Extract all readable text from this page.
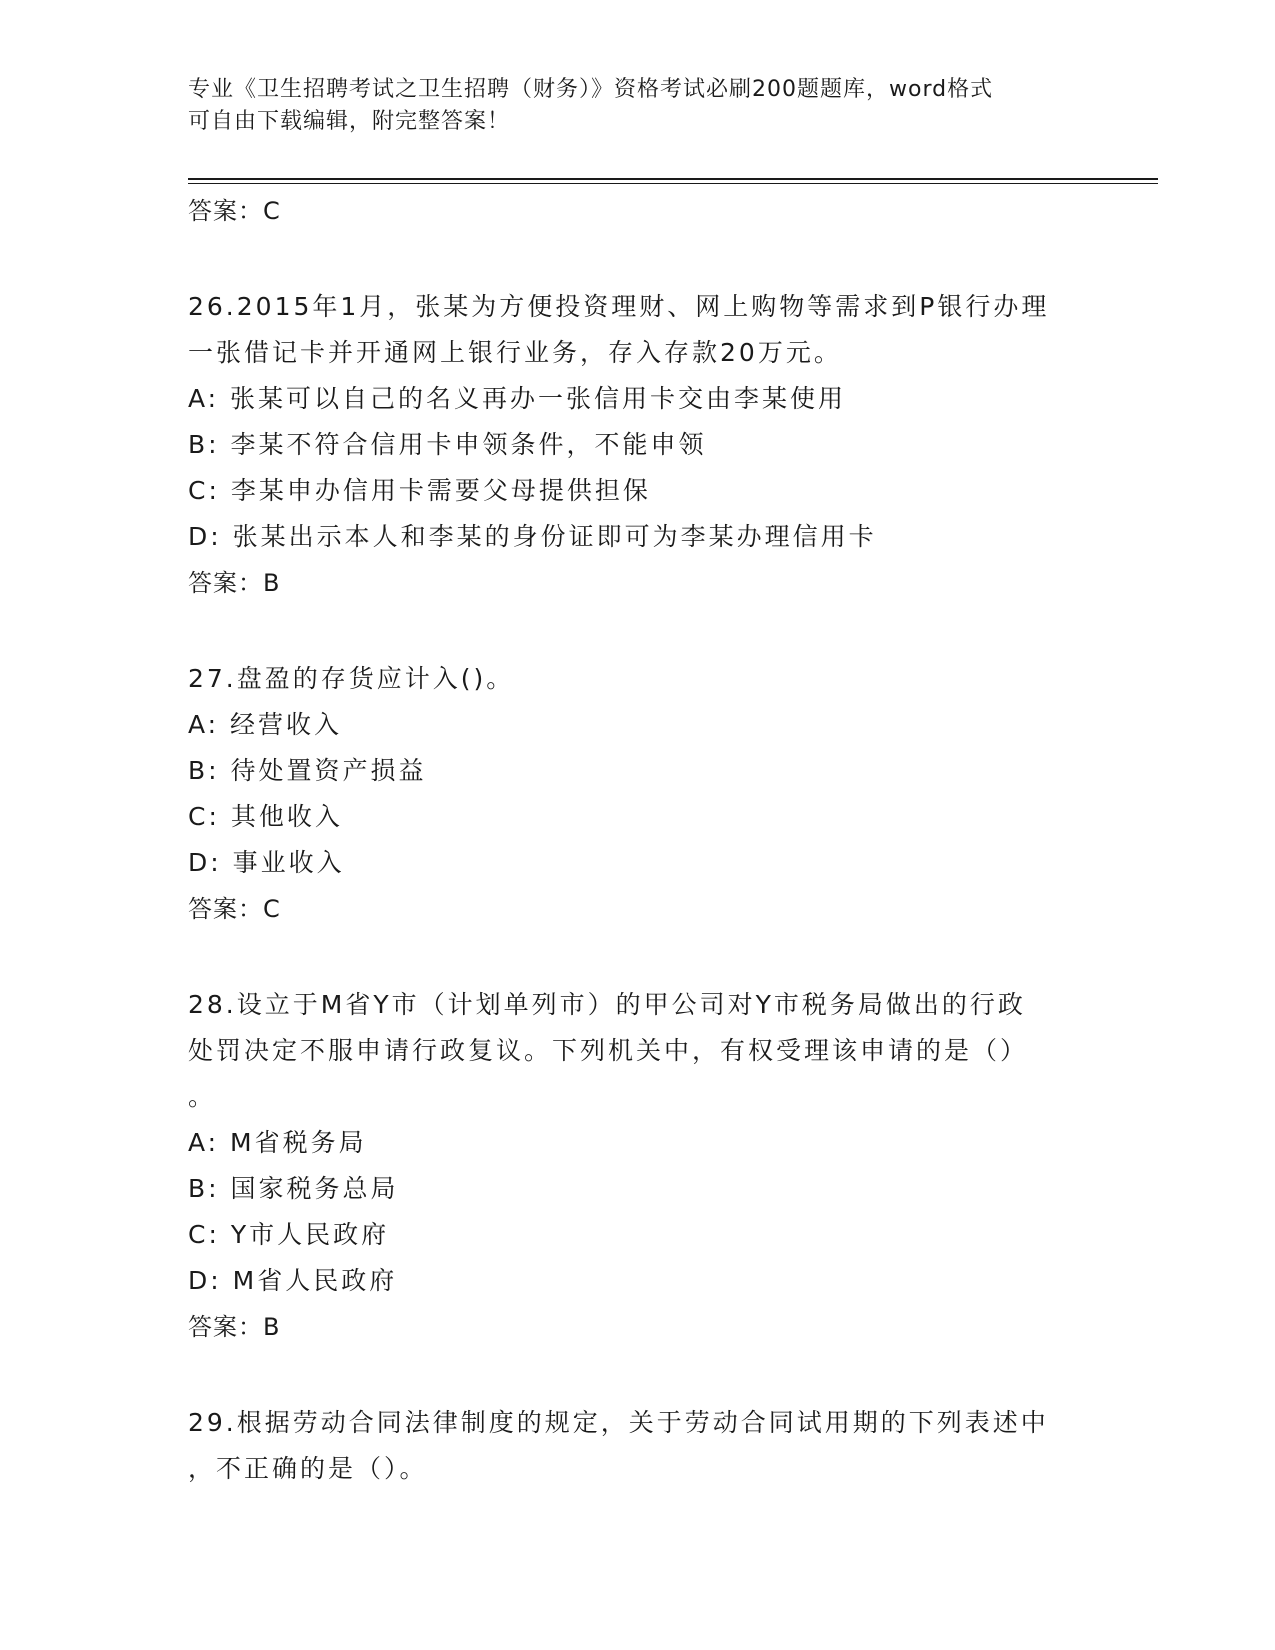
专业《卫生招聘考试之卫生招聘（财务）》资格考试必刷200题题库，word格式
可自由下载编辑，附完整答案！
答案：C
26.2015年1月，张某为方便投资理财、网上购物等需求到P银行办理
一张借记卡并开通网上银行业务，存入存款20万元。
A: 张某可以自己的名义再办一张信用卡交由李某使用
B: 李某不符合信用卡申领条件，不能申领
C: 李某申办信用卡需要父母提供担保
D: 张某出示本人和李某的身份证即可为李某办理信用卡
答案：B
27.盘盈的存货应计入()。
A: 经营收入
B: 待处置资产损益
C: 其他收入
D: 事业收入
答案：C
28.设立于M省Y市（计划单列市）的甲公司对Y市税务局做出的行政
处罚决定不服申请行政复议。下列机关中，有权受理该申请的是（）
。
A: M省税务局
B: 国家税务总局
C: Y市人民政府
D: M省人民政府
答案：B
29.根据劳动合同法律制度的规定，关于劳动合同试用期的下列表述中
，不正确的是（）。
